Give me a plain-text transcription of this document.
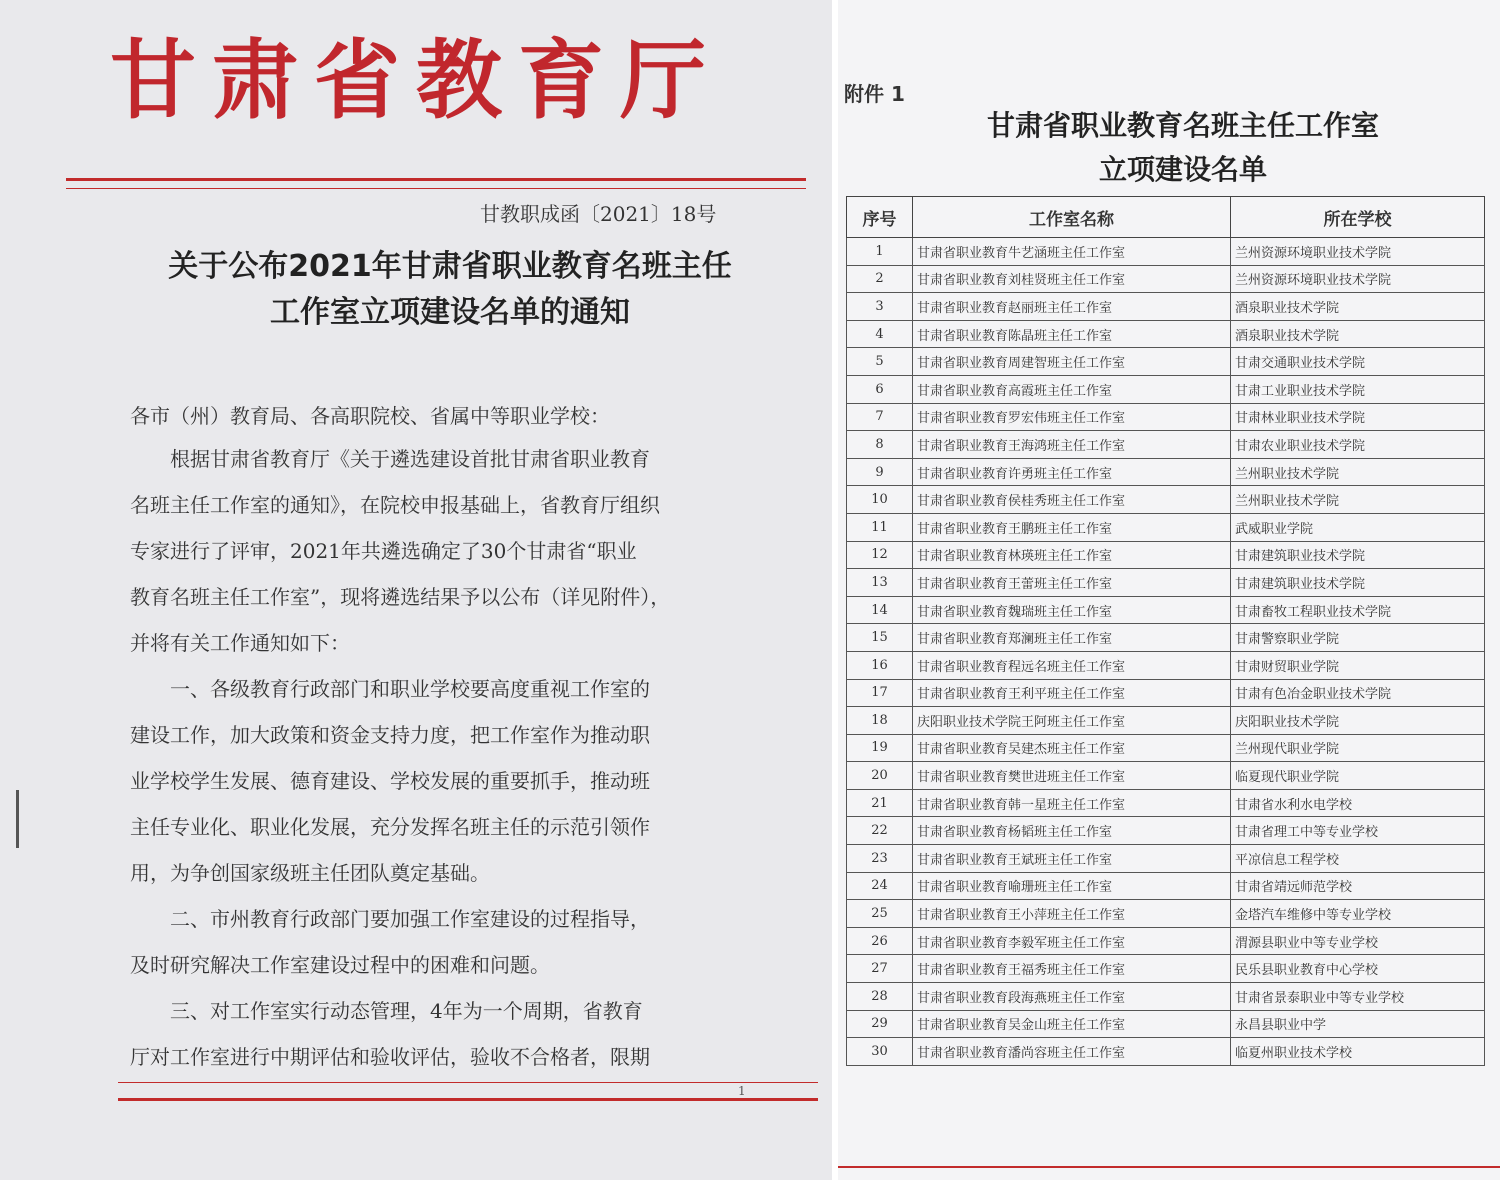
甘肃省教育厅
甘教职成函〔2021〕18号
关于公布2021年甘肃省职业教育名班主任
工作室立项建设名单的通知
各市（州）教育局、各高职院校、省属中等职业学校：
　　根据甘肃省教育厅《关于遴选建设首批甘肃省职业教育
名班主任工作室的通知》，在院校申报基础上，省教育厅组织
专家进行了评审，2021年共遴选确定了30个甘肃省“职业
教育名班主任工作室”，现将遴选结果予以公布（详见附件），
并将有关工作通知如下：
　　一、各级教育行政部门和职业学校要高度重视工作室的
建设工作，加大政策和资金支持力度，把工作室作为推动职
业学校学生发展、德育建设、学校发展的重要抓手，推动班
主任专业化、职业化发展，充分发挥名班主任的示范引领作
用，为争创国家级班主任团队奠定基础。
　　二、市州教育行政部门要加强工作室建设的过程指导，
及时研究解决工作室建设过程中的困难和问题。
　　三、对工作室实行动态管理，4年为一个周期，省教育
厅对工作室进行中期评估和验收评估，验收不合格者，限期
1
附件 1
甘肃省职业教育名班主任工作室
立项建设名单
序号	工作室名称	所在学校
1	甘肃省职业教育牛艺涵班主任工作室	兰州资源环境职业技术学院
2	甘肃省职业教育刘桂贤班主任工作室	兰州资源环境职业技术学院
3	甘肃省职业教育赵丽班主任工作室	酒泉职业技术学院
4	甘肃省职业教育陈晶班主任工作室	酒泉职业技术学院
5	甘肃省职业教育周建智班主任工作室	甘肃交通职业技术学院
6	甘肃省职业教育高霞班主任工作室	甘肃工业职业技术学院
7	甘肃省职业教育罗宏伟班主任工作室	甘肃林业职业技术学院
8	甘肃省职业教育王海鸿班主任工作室	甘肃农业职业技术学院
9	甘肃省职业教育许勇班主任工作室	兰州职业技术学院
10	甘肃省职业教育侯桂秀班主任工作室	兰州职业技术学院
11	甘肃省职业教育王鹏班主任工作室	武威职业学院
12	甘肃省职业教育林瑛班主任工作室	甘肃建筑职业技术学院
13	甘肃省职业教育王蕾班主任工作室	甘肃建筑职业技术学院
14	甘肃省职业教育魏瑞班主任工作室	甘肃畜牧工程职业技术学院
15	甘肃省职业教育郑澜班主任工作室	甘肃警察职业学院
16	甘肃省职业教育程远名班主任工作室	甘肃财贸职业学院
17	甘肃省职业教育王利平班主任工作室	甘肃有色冶金职业技术学院
18	庆阳职业技术学院王阿班主任工作室	庆阳职业技术学院
19	甘肃省职业教育吴建杰班主任工作室	兰州现代职业学院
20	甘肃省职业教育樊世进班主任工作室	临夏现代职业学院
21	甘肃省职业教育韩一星班主任工作室	甘肃省水利水电学校
22	甘肃省职业教育杨韬班主任工作室	甘肃省理工中等专业学校
23	甘肃省职业教育王斌班主任工作室	平凉信息工程学校
24	甘肃省职业教育喻珊班主任工作室	甘肃省靖远师范学校
25	甘肃省职业教育王小萍班主任工作室	金塔汽车维修中等专业学校
26	甘肃省职业教育李毅军班主任工作室	渭源县职业中等专业学校
27	甘肃省职业教育王福秀班主任工作室	民乐县职业教育中心学校
28	甘肃省职业教育段海燕班主任工作室	甘肃省景泰职业中等专业学校
29	甘肃省职业教育吴金山班主任工作室	永昌县职业中学
30	甘肃省职业教育潘尚容班主任工作室	临夏州职业技术学校
